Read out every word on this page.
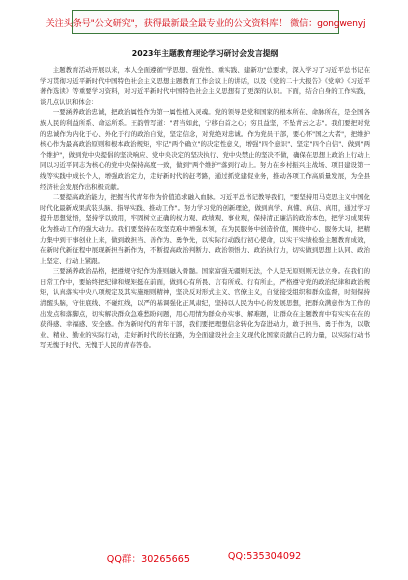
关注头条号"公文研究"，获得最新最全最专业的公文资料库！ 微信：gongwenyj
2023年主题教育理论学习研讨会发言提纲

主题教育活动开展以来，本人全面遵循"学思想、强党性、重实践、建新功"总要求，深入学习了习近平总书记在学习贯彻习近平新时代中国特色社会主义思想主题教育工作会议上的讲话，以及《党的二十大报告》《党章》《习近平著作选读》等重要学习资料，对习近平新时代中国特色社会主义思想有了更深的认识。下面，结合自身的工作实践，谈几点认识和体会：

一要涵养政治忠诚，把政治属性作为第一属性植入灵魂。党的领导是党和国家的根本所在、命脉所在，是全国各族人民的利益所系、命运所系。王韵曾写道："君当如此，宁移白首之心；穷且益坚，不坠青云之志"。我们要把对党的忠诚作为内化于心、外化于行的政治自觉，坚定信念，对党绝对忠诚。作为党员干部，要心怀"国之大者"，把维护核心作为最高政治原则和根本政治规矩，牢记"两个确立"的决定性意义，增强"四个意识"、坚定"四个自信"、做到"两个维护"，做到党中央提倡的坚决响应、党中央决定的坚决执行、党中央禁止的坚决不做，确保在思想上政治上行动上同以习近平同志为核心的党中央保持高度一致，做到"两个维护"落到行动上。努力在乡村振兴主战场、项目建设第一线等实践中成长个人，增强政治定力，走好新时代的赶考路，通过抓党建促业务，推动各项工作高质量发展，为全县经济社会发展作出积极贡献。

二要提高政治能力，把握当代青年作为价值追求融入血脉。习近平总书记教导我们，"要坚持用马克思主义中国化时代化最新成果武装头脑、指导实践、推动工作"。努力学习党的创新理论，做到真学、真懂、真信、真用，通过学习提升思想觉悟，坚持学以致用，牢固树立正确的权力观、政绩观、事业观，保持清正廉洁的政治本色，把学习成果转化为推动工作的强大动力。我们要坚持在攻坚克难中增强本领，在为民服务中创造价值，围绕中心、服务大局，把精力集中到干事创业上来，做到敢担当、善作为、勇争先，以实际行动践行初心使命，以实干实绩检验主题教育成效，在新时代新征程中展现新担当新作为，不断提高政治判断力、政治领悟力、政治执行力，切实做到思想上认同、政治上坚定、行动上紧跟。

三要涵养政治品格，把遵规守纪作为准则融入骨髓。国家富强无疆则无法，个人是无原则则无法立身。在我们的日常工作中，要始终把纪律和规矩挺在前面，做到心有所畏、言有所戒、行有所止，严格遵守党的政治纪律和政治规矩，认真落实中央八项规定及其实施细则精神，坚决反对形式主义、官僚主义，自觉接受组织和群众监督，时刻保持清醒头脑，守住底线、不碰红线，以严的基调强化正风肃纪，坚持以人民为中心的发展思想，把群众满意作为工作的出发点和落脚点，切实解决群众急难愁盼问题，用心用情为群众办实事、解难题，让群众在主题教育中有实实在在的获得感、幸福感、安全感。作为新时代的青年干部，我们要把理想信念转化为奋进动力，敢于担当、勇于作为，以敬业、精业、勤业的实际行动，走好新时代的长征路，为全面建设社会主义现代化国家贡献自己的力量，以实际行动书写无愧于时代、无愧于人民的青春答卷。

QQ群：30265665	QQ:535304092
